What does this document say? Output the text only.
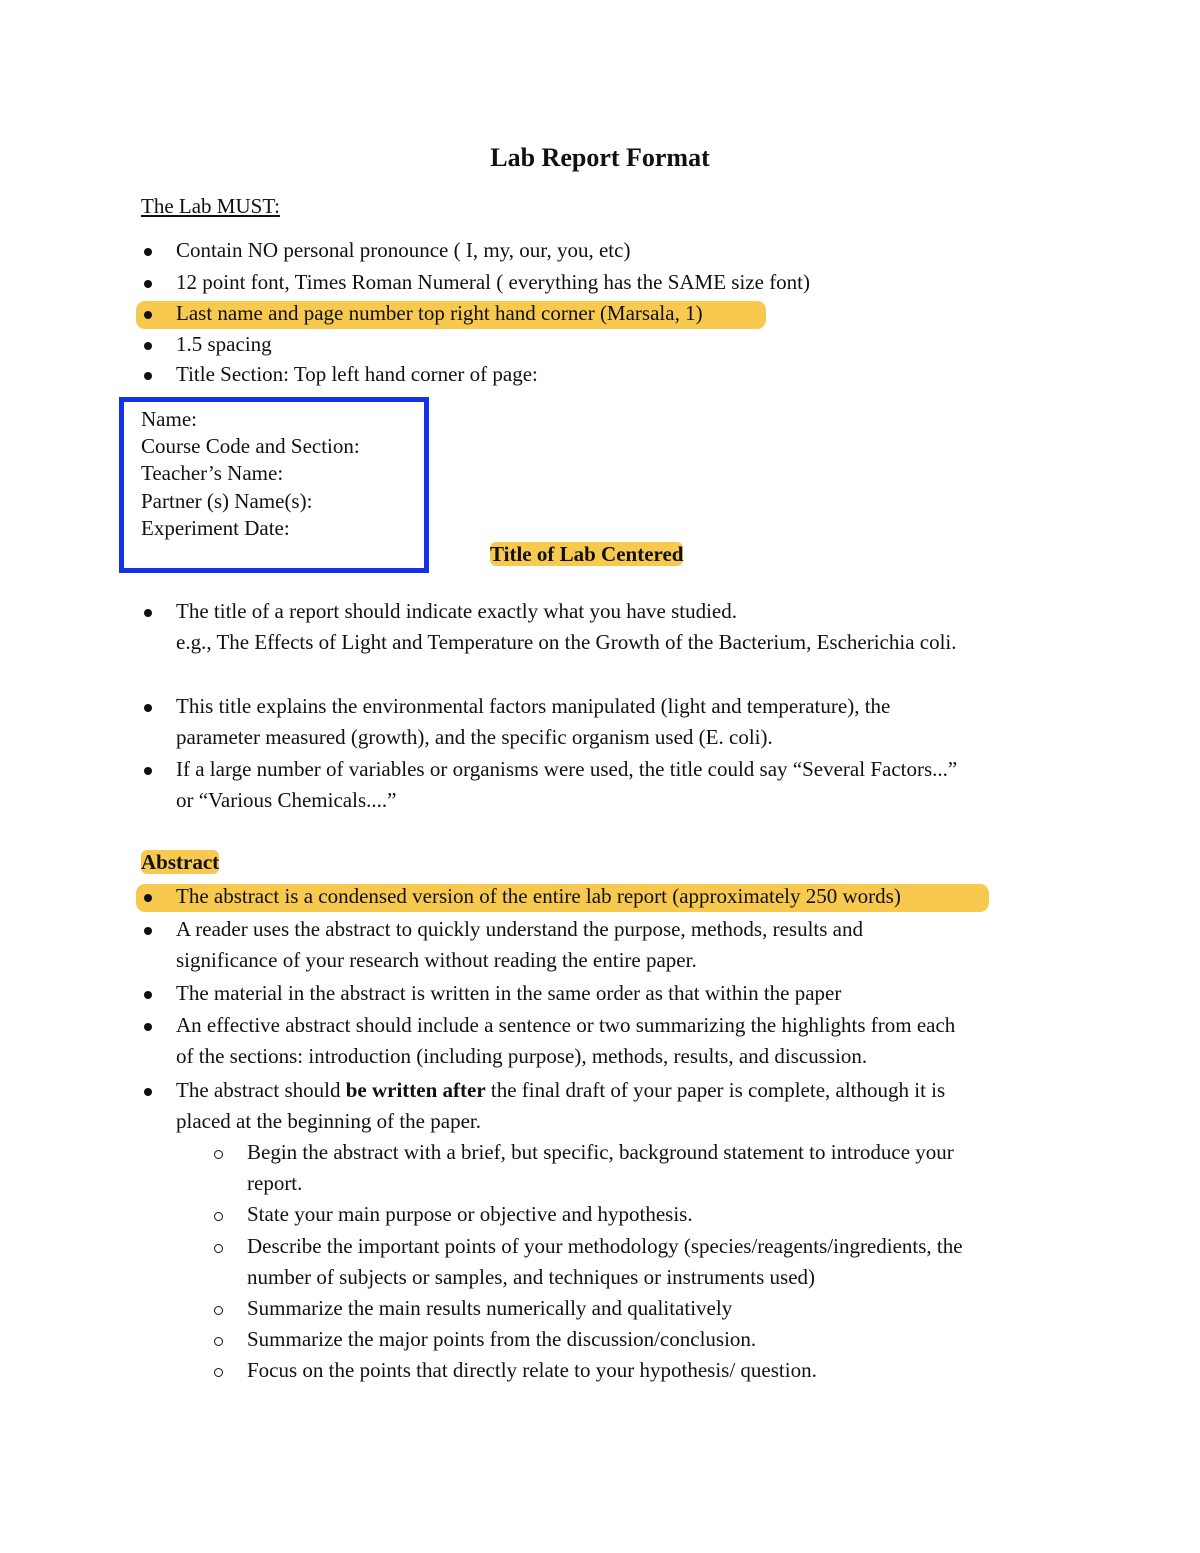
Lab Report Format
The Lab MUST:
Contain NO personal pronounce ( I, my, our, you, etc)
12 point font, Times Roman Numeral ( everything has the SAME size font)
Last name and page number top right hand corner (Marsala, 1)
1.5 spacing
Title Section: Top left hand corner of page:
Name:
Course Code and Section:
Teacher’s Name:
Partner (s) Name(s):
Experiment Date:
Title of Lab Centered
The title of a report should indicate exactly what you have studied.
e.g., The Effects of Light and Temperature on the Growth of the Bacterium, Escherichia coli.
This title explains the environmental factors manipulated (light and temperature), the
parameter measured (growth), and the specific organism used (E. coli).
If a large number of variables or organisms were used, the title could say “Several Factors...”
or “Various Chemicals....”
Abstract
The abstract is a condensed version of the entire lab report (approximately 250 words)
A reader uses the abstract to quickly understand the purpose, methods, results and
significance of your research without reading the entire paper.
The material in the abstract is written in the same order as that within the paper
An effective abstract should include a sentence or two summarizing the highlights from each
of the sections: introduction (including purpose), methods, results, and discussion.
The abstract should be written after the final draft of your paper is complete, although it is
placed at the beginning of the paper.
Begin the abstract with a brief, but specific, background statement to introduce your
report.
State your main purpose or objective and hypothesis.
Describe the important points of your methodology (species/reagents/ingredients, the
number of subjects or samples, and techniques or instruments used)
Summarize the main results numerically and qualitatively
Summarize the major points from the discussion/conclusion.
Focus on the points that directly relate to your hypothesis/ question.
